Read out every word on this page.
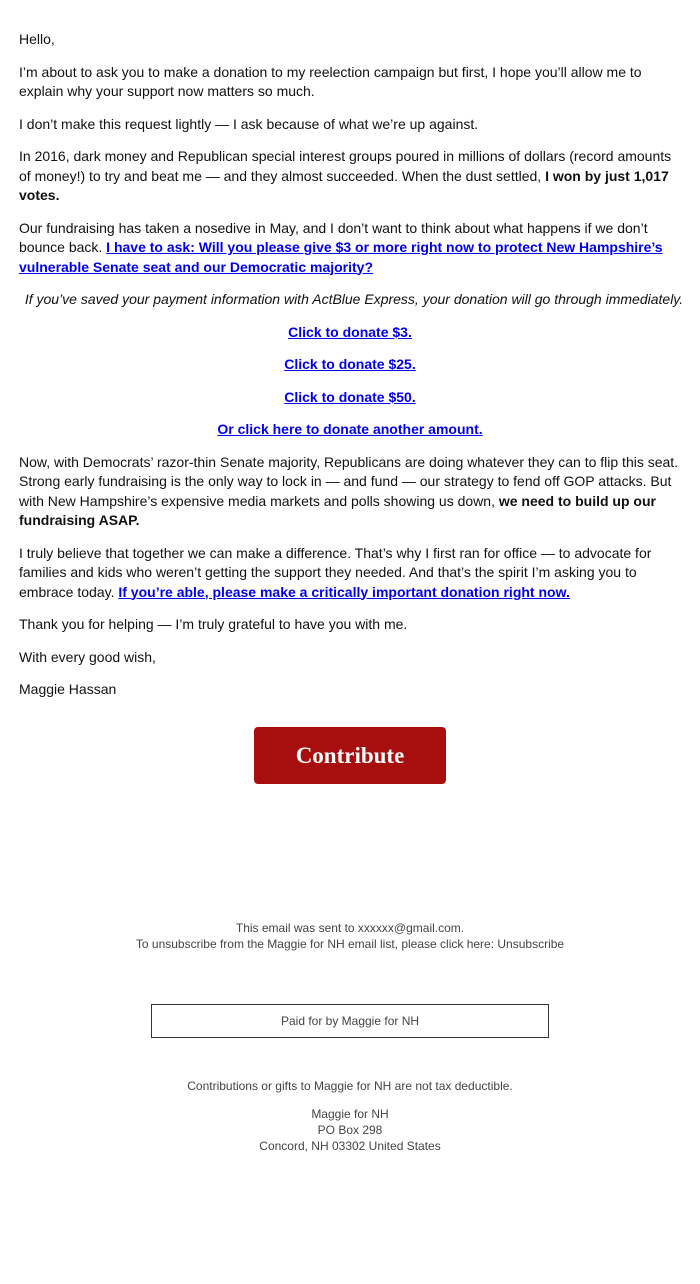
Hello,

I’m about to ask you to make a donation to my reelection campaign but first, I hope you’ll allow me to explain why your support now matters so much.

I don’t make this request lightly — I ask because of what we’re up against.

In 2016, dark money and Republican special interest groups poured in millions of dollars (record amounts of money!) to try and beat me — and they almost succeeded. When the dust settled, I won by just 1,017 votes.

Our fundraising has taken a nosedive in May, and I don’t want to think about what happens if we don’t bounce back. I have to ask: Will you please give $3 or more right now to protect New Hampshire’s vulnerable Senate seat and our Democratic majority?

If you’ve saved your payment information with ActBlue Express, your donation will go through immediately.

Click to donate $3.

Click to donate $25.

Click to donate $50.

Or click here to donate another amount.

Now, with Democrats’ razor-thin Senate majority, Republicans are doing whatever they can to flip this seat. Strong early fundraising is the only way to lock in — and fund — our strategy to fend off GOP attacks. But with New Hampshire’s expensive media markets and polls showing us down, we need to build up our fundraising ASAP.

I truly believe that together we can make a difference. That’s why I first ran for office — to advocate for families and kids who weren’t getting the support they needed. And that’s the spirit I’m asking you to embrace today. If you’re able, please make a critically important donation right now.

Thank you for helping — I’m truly grateful to have you with me.

With every good wish,

Maggie Hassan

Contribute
This email was sent to xxxxxx@gmail.com.
To unsubscribe from the Maggie for NH email list, please click here: Unsubscribe
Paid for by Maggie for NH
Contributions or gifts to Maggie for NH are not tax deductible.
Maggie for NH
PO Box 298
Concord, NH 03302 United States
